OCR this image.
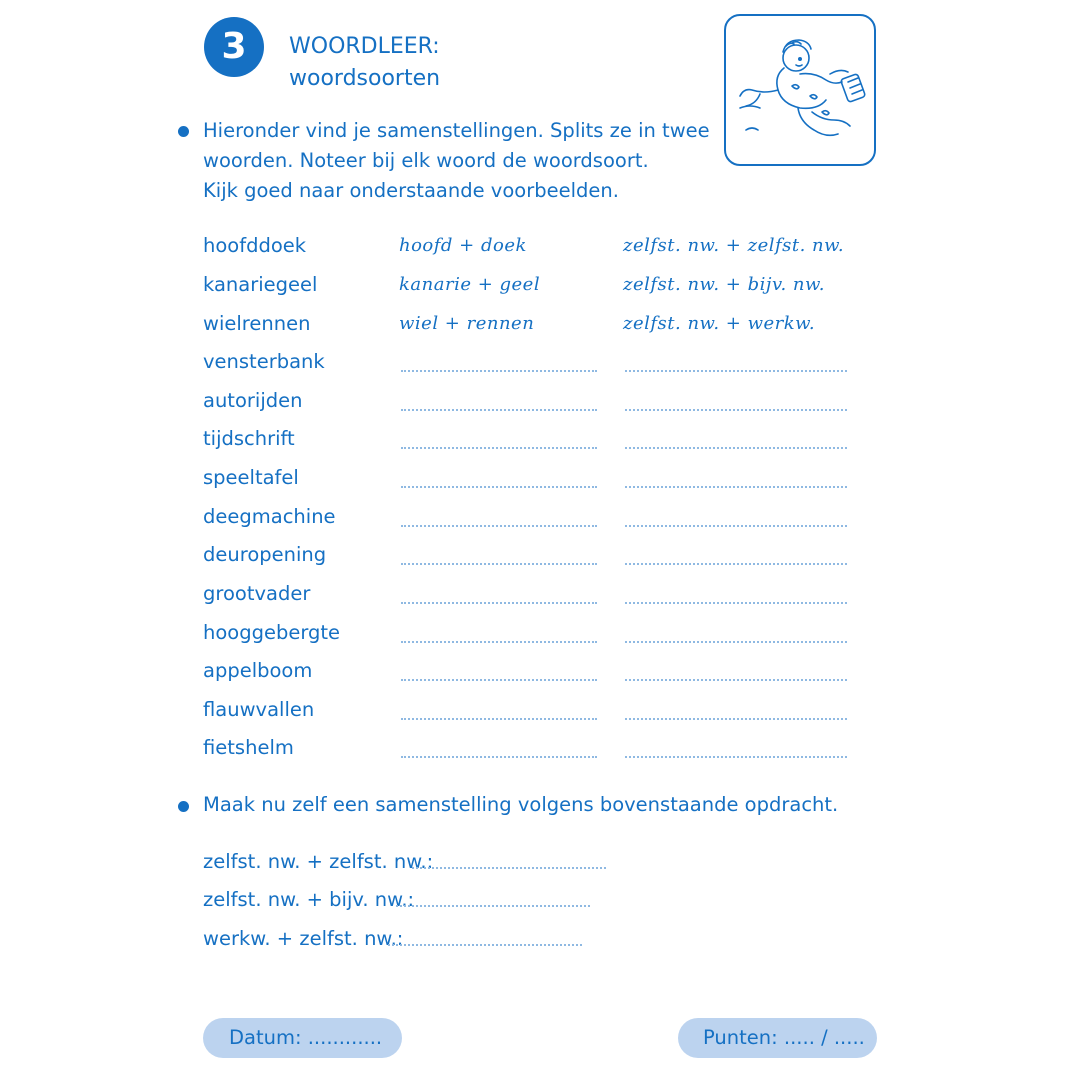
3	WOORDLEER:
woordsoorten
Hieronder vind je samenstellingen. Splits ze in twee
woorden. Noteer bij elk woord de woordsoort.
Kijk goed naar onderstaande voorbeelden.
hoofddoek	hoofd + doek	zelfst. nw. + zelfst. nw.
kanariegeel	kanarie + geel	zelfst. nw. + bijv. nw.
wielrennen	wiel + rennen	zelfst. nw. + werkw.
vensterbank
autorijden
tijdschrift
speeltafel
deegmachine
deuropening
grootvader
hooggebergte
appelboom
flauwvallen
fietshelm
Maak nu zelf een samenstelling volgens bovenstaande opdracht.
zelfst. nw. + zelfst. nw.:
zelfst. nw. + bijv. nw.:
werkw. + zelfst. nw.:
Datum: ............	Punten: ..... / .....
